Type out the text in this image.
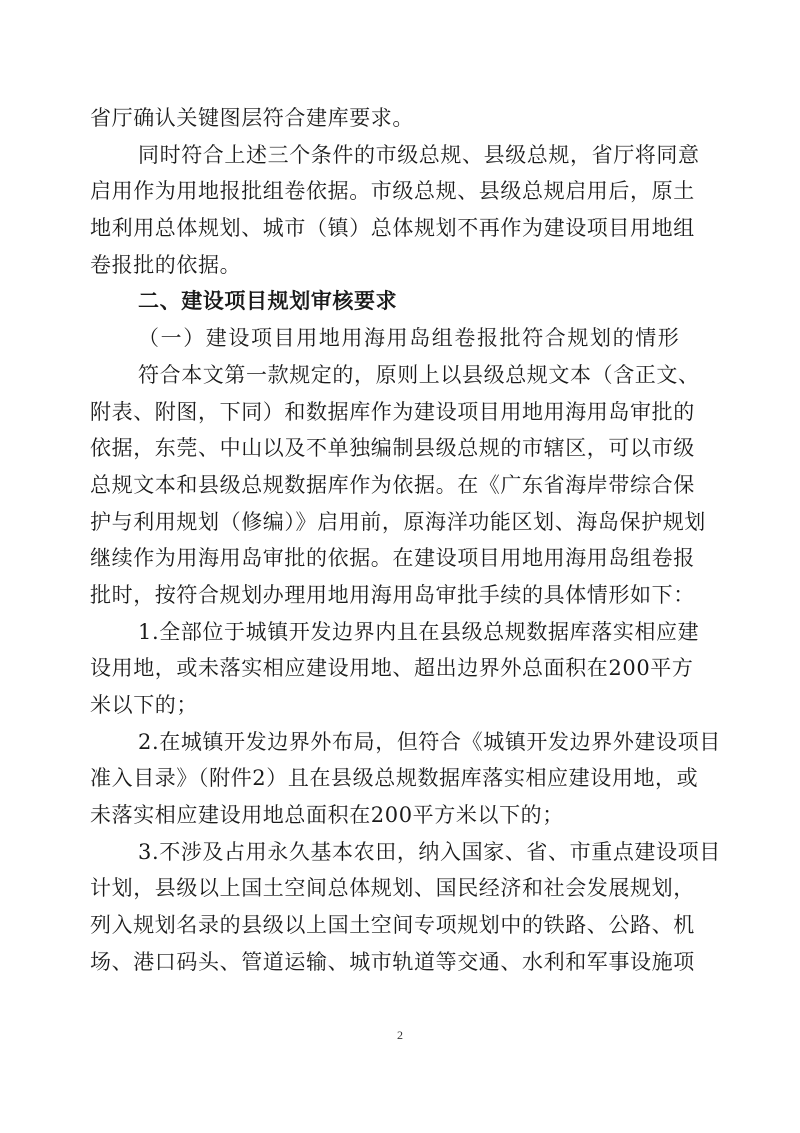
省厅确认关键图层符合建库要求。
同时符合上述三个条件的市级总规、县级总规，省厅将同意
启用作为用地报批组卷依据。市级总规、县级总规启用后，原土
地利用总体规划、城市（镇）总体规划不再作为建设项目用地组
卷报批的依据。
二、建设项目规划审核要求
（一）建设项目用地用海用岛组卷报批符合规划的情形
符合本文第一款规定的，原则上以县级总规文本（含正文、
附表、附图，下同）和数据库作为建设项目用地用海用岛审批的
依据，东莞、中山以及不单独编制县级总规的市辖区，可以市级
总规文本和县级总规数据库作为依据。在《广东省海岸带综合保
护与利用规划（修编）》启用前，原海洋功能区划、海岛保护规划
继续作为用海用岛审批的依据。在建设项目用地用海用岛组卷报
批时，按符合规划办理用地用海用岛审批手续的具体情形如下：
1.全部位于城镇开发边界内且在县级总规数据库落实相应建
设用地，或未落实相应建设用地、超出边界外总面积在200平方
米以下的；
2.在城镇开发边界外布局，但符合《城镇开发边界外建设项目
准入目录》（附件2）且在县级总规数据库落实相应建设用地，或
未落实相应建设用地总面积在200平方米以下的；
3.不涉及占用永久基本农田，纳入国家、省、市重点建设项目
计划，县级以上国土空间总体规划、国民经济和社会发展规划，
列入规划名录的县级以上国土空间专项规划中的铁路、公路、机
场、港口码头、管道运输、城市轨道等交通、水利和军事设施项
2
